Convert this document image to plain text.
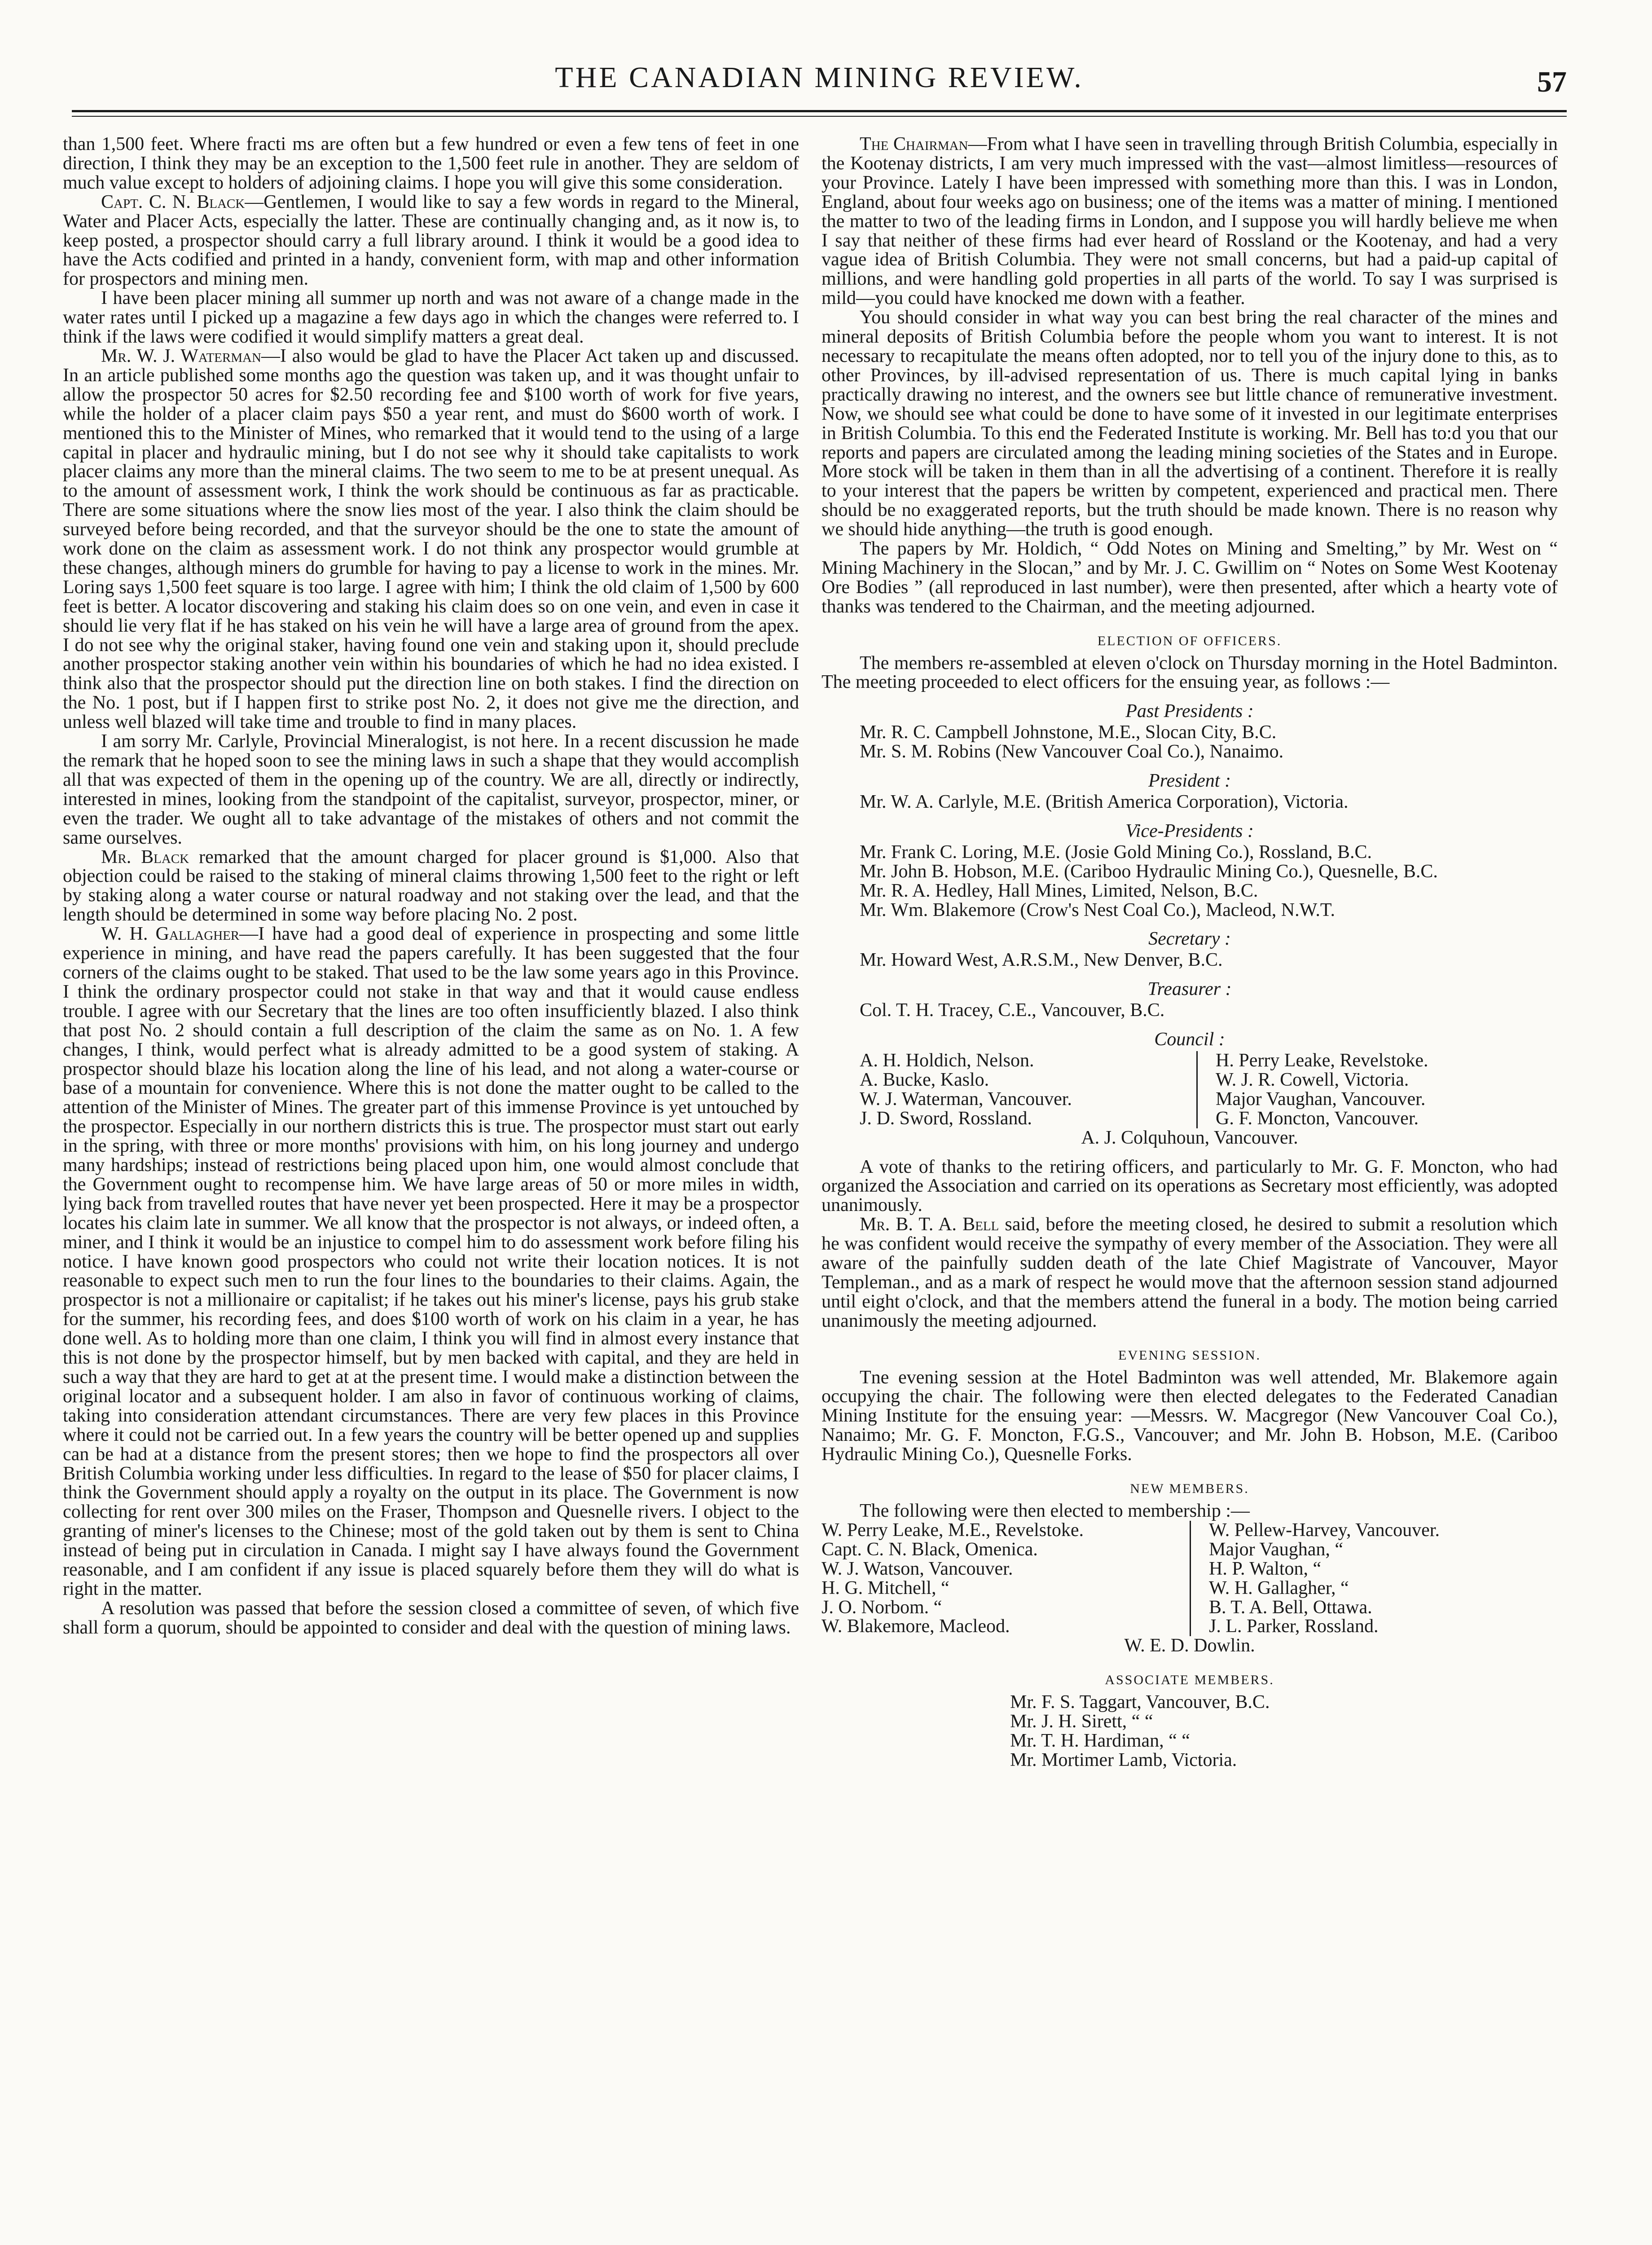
THE CANADIAN MINING REVIEW.	57

than 1,500 feet. Where fracti ms are often but a few hundred or even a few tens of feet in one direction, I think they may be an exception to the 1,500 feet rule in another. They are seldom of much value except to holders of adjoining claims. I hope you will give this some consideration.

Capt. C. N. Black—Gentlemen, I would like to say a few words in regard to the Mineral, Water and Placer Acts, especially the latter. These are continually changing and, as it now is, to keep posted, a prospector should carry a full library around. I think it would be a good idea to have the Acts codified and printed in a handy, convenient form, with map and other information for prospectors and mining men.

I have been placer mining all summer up north and was not aware of a change made in the water rates until I picked up a magazine a few days ago in which the changes were referred to. I think if the laws were codified it would simplify matters a great deal.

Mr. W. J. Waterman—I also would be glad to have the Placer Act taken up and discussed. In an article published some months ago the question was taken up, and it was thought unfair to allow the prospector 50 acres for $2.50 recording fee and $100 worth of work for five years, while the holder of a placer claim pays $50 a year rent, and must do $600 worth of work. I mentioned this to the Minister of Mines, who remarked that it would tend to the using of a large capital in placer and hydraulic mining, but I do not see why it should take capitalists to work placer claims any more than the mineral claims. The two seem to me to be at present unequal. As to the amount of assessment work, I think the work should be continuous as far as practicable. There are some situations where the snow lies most of the year. I also think the claim should be surveyed before being recorded, and that the surveyor should be the one to state the amount of work done on the claim as assessment work. I do not think any prospector would grumble at these changes, although miners do grumble for having to pay a license to work in the mines. Mr. Loring says 1,500 feet square is too large. I agree with him; I think the old claim of 1,500 by 600 feet is better. A locator discovering and staking his claim does so on one vein, and even in case it should lie very flat if he has staked on his vein he will have a large area of ground from the apex. I do not see why the original staker, having found one vein and staking upon it, should preclude another prospector staking another vein within his boundaries of which he had no idea existed. I think also that the prospector should put the direction line on both stakes. I find the direction on the No. 1 post, but if I happen first to strike post No. 2, it does not give me the direction, and unless well blazed will take time and trouble to find in many places.

I am sorry Mr. Carlyle, Provincial Mineralogist, is not here. In a recent discussion he made the remark that he hoped soon to see the mining laws in such a shape that they would accomplish all that was expected of them in the opening up of the country. We are all, directly or indirectly, interested in mines, looking from the standpoint of the capitalist, surveyor, prospector, miner, or even the trader. We ought all to take advantage of the mistakes of others and not commit the same ourselves.

Mr. Black remarked that the amount charged for placer ground is $1,000. Also that objection could be raised to the staking of mineral claims throwing 1,500 feet to the right or left by staking along a water course or natural roadway and not staking over the lead, and that the length should be determined in some way before placing No. 2 post.

W. H. Gallagher—I have had a good deal of experience in prospecting and some little experience in mining, and have read the papers carefully. It has been suggested that the four corners of the claims ought to be staked. That used to be the law some years ago in this Province. I think the ordinary prospector could not stake in that way and that it would cause endless trouble. I agree with our Secretary that the lines are too often insufficiently blazed. I also think that post No. 2 should contain a full description of the claim the same as on No. 1. A few changes, I think, would perfect what is already admitted to be a good system of staking. A prospector should blaze his location along the line of his lead, and not along a water-course or base of a mountain for convenience. Where this is not done the matter ought to be called to the attention of the Minister of Mines. The greater part of this immense Province is yet untouched by the prospector. Especially in our northern districts this is true. The prospector must start out early in the spring, with three or more months' provisions with him, on his long journey and undergo many hardships; instead of restrictions being placed upon him, one would almost conclude that the Government ought to recompense him. We have large areas of 50 or more miles in width, lying back from travelled routes that have never yet been prospected. Here it may be a prospector locates his claim late in summer. We all know that the prospector is not always, or indeed often, a miner, and I think it would be an injustice to compel him to do assessment work before filing his notice. I have known good prospectors who could not write their location notices. It is not reasonable to expect such men to run the four lines to the boundaries to their claims. Again, the prospector is not a millionaire or capitalist; if he takes out his miner's license, pays his grub stake for the summer, his recording fees, and does $100 worth of work on his claim in a year, he has done well. As to holding more than one claim, I think you will find in almost every instance that this is not done by the prospector himself, but by men backed with capital, and they are held in such a way that they are hard to get at at the present time. I would make a distinction between the original locator and a subsequent holder. I am also in favor of continuous working of claims, taking into consideration attendant circumstances. There are very few places in this Province where it could not be carried out. In a few years the country will be better opened up and supplies can be had at a distance from the present stores; then we hope to find the prospectors all over British Columbia working under less difficulties. In regard to the lease of $50 for placer claims, I think the Government should apply a royalty on the output in its place. The Government is now collecting for rent over 300 miles on the Fraser, Thompson and Quesnelle rivers. I object to the granting of miner's licenses to the Chinese; most of the gold taken out by them is sent to China instead of being put in circulation in Canada. I might say I have always found the Government reasonable, and I am confident if any issue is placed squarely before them they will do what is right in the matter.

A resolution was passed that before the session closed a committee of seven, of which five shall form a quorum, should be appointed to consider and deal with the question of mining laws.

The Chairman—From what I have seen in travelling through British Columbia, especially in the Kootenay districts, I am very much impressed with the vast—almost limitless—resources of your Province. Lately I have been impressed with something more than this. I was in London, England, about four weeks ago on business; one of the items was a matter of mining. I mentioned the matter to two of the leading firms in London, and I suppose you will hardly believe me when I say that neither of these firms had ever heard of Rossland or the Kootenay, and had a very vague idea of British Columbia. They were not small concerns, but had a paid-up capital of millions, and were handling gold properties in all parts of the world. To say I was surprised is mild—you could have knocked me down with a feather.

You should consider in what way you can best bring the real character of the mines and mineral deposits of British Columbia before the people whom you want to interest. It is not necessary to recapitulate the means often adopted, nor to tell you of the injury done to this, as to other Provinces, by ill-advised representation of us. There is much capital lying in banks practically drawing no interest, and the owners see but little chance of remunerative investment. Now, we should see what could be done to have some of it invested in our legitimate enterprises in British Columbia. To this end the Federated Institute is working. Mr. Bell has to:d you that our reports and papers are circulated among the leading mining societies of the States and in Europe. More stock will be taken in them than in all the advertising of a continent. Therefore it is really to your interest that the papers be written by competent, experienced and practical men. There should be no exaggerated reports, but the truth should be made known. There is no reason why we should hide anything—the truth is good enough.

The papers by Mr. Holdich, “ Odd Notes on Mining and Smelting,” by Mr. West on “ Mining Machinery in the Slocan,” and by Mr. J. C. Gwillim on “ Notes on Some West Kootenay Ore Bodies ” (all reproduced in last number), were then presented, after which a hearty vote of thanks was tendered to the Chairman, and the meeting adjourned.

ELECTION OF OFFICERS.

The members re-assembled at eleven o'clock on Thursday morning in the Hotel Badminton. The meeting proceeded to elect officers for the ensuing year, as follows :—

Past Presidents :
Mr. R. C. Campbell Johnstone, M.E., Slocan City, B.C.
Mr. S. M. Robins (New Vancouver Coal Co.), Nanaimo.
President :
Mr. W. A. Carlyle, M.E. (British America Corporation), Victoria.
Vice-Presidents :
Mr. Frank C. Loring, M.E. (Josie Gold Mining Co.), Rossland, B.C.
Mr. John B. Hobson, M.E. (Cariboo Hydraulic Mining Co.), Quesnelle, B.C.
Mr. R. A. Hedley, Hall Mines, Limited, Nelson, B.C.
Mr. Wm. Blakemore (Crow's Nest Coal Co.), Macleod, N.W.T.
Secretary :
Mr. Howard West, A.R.S.M., New Denver, B.C.
Treasurer :
Col. T. H. Tracey, C.E., Vancouver, B.C.
Council :
A. H. Holdich, Nelson.
A. Bucke, Kaslo.
W. J. Waterman, Vancouver.
J. D. Sword, Rossland.
H. Perry Leake, Revelstoke.
W. J. R. Cowell, Victoria.
Major Vaughan, Vancouver.
G. F. Moncton, Vancouver.
A. J. Colquhoun, Vancouver.

A vote of thanks to the retiring officers, and particularly to Mr. G. F. Moncton, who had organized the Association and carried on its operations as Secretary most efficiently, was adopted unanimously.

Mr. B. T. A. Bell said, before the meeting closed, he desired to submit a resolution which he was confident would receive the sympathy of every member of the Association. They were all aware of the painfully sudden death of the late Chief Magistrate of Vancouver, Mayor Templeman., and as a mark of respect he would move that the afternoon session stand adjourned until eight o'clock, and that the members attend the funeral in a body. The motion being carried unanimously the meeting adjourned.

EVENING SESSION.

Tne evening session at the Hotel Badminton was well attended, Mr. Blakemore again occupying the chair. The following were then elected delegates to the Federated Canadian Mining Institute for the ensuing year: —Messrs. W. Macgregor (New Vancouver Coal Co.), Nanaimo; Mr. G. F. Moncton, F.G.S., Vancouver; and Mr. John B. Hobson, M.E. (Cariboo Hydraulic Mining Co.), Quesnelle Forks.

NEW MEMBERS.

The following were then elected to membership :—

W. Perry Leake, M.E., Revelstoke.
Capt. C. N. Black, Omenica.
W. J. Watson, Vancouver.
H. G. Mitchell, “
J. O. Norbom. “
W. Blakemore, Macleod.
W. Pellew-Harvey, Vancouver.
Major Vaughan, “
H. P. Walton, “
W. H. Gallagher, “
B. T. A. Bell, Ottawa.
J. L. Parker, Rossland.
W. E. D. Dowlin.
ASSOCIATE MEMBERS.
Mr. F. S. Taggart, Vancouver, B.C.
Mr. J. H. Sirett, “ “
Mr. T. H. Hardiman, “ “
Mr. Mortimer Lamb, Victoria.
